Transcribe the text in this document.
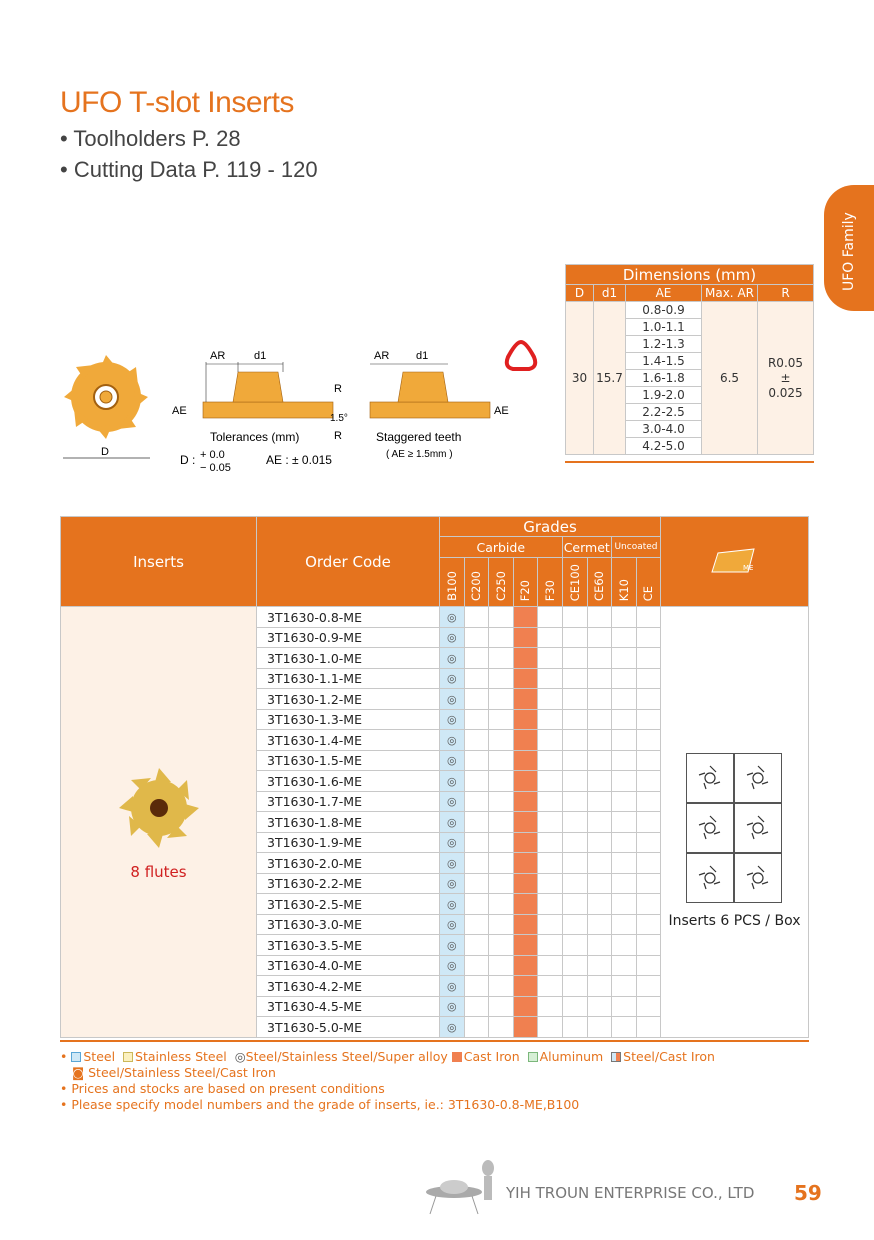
UFO T-slot Inserts
• Toolholders P. 28
• Cutting Data P. 119 - 120
UFO Family
D
AR	d1
AE
R
R
1.5°
Tolerances (mm)
D : + 0.0
− 0.05
AE : ± 0.015
AR d1
AE
Staggered teeth
( AE ≥ 1.5mm )
Dimensions (mm)				
D	d1	AE	Max. AR	R
30	15.7	0.8-0.9	6.5	R0.05
±
0.025
		1.0-1.1		
		1.2-1.3		
		1.4-1.5		
		1.6-1.8		
		1.9-2.0		
		2.2-2.5		
		3.0-4.0		
		4.2-5.0		
Inserts	Order Code	Grades									ME

		Carbide					Cermet		Uncoated		
		B100	C200	C250	F20	F30	CE100	CE60	K10	CE	

8 flutes	3T1630-0.8-ME	◎									Inserts 6 PCS / Box

	3T1630-0.9-ME	◎									
	3T1630-1.0-ME	◎									
	3T1630-1.1-ME	◎									
	3T1630-1.2-ME	◎									
	3T1630-1.3-ME	◎									
	3T1630-1.4-ME	◎									
	3T1630-1.5-ME	◎									
	3T1630-1.6-ME	◎									
	3T1630-1.7-ME	◎									
	3T1630-1.8-ME	◎									
	3T1630-1.9-ME	◎									
	3T1630-2.0-ME	◎									
	3T1630-2.2-ME	◎									
	3T1630-2.5-ME	◎									
	3T1630-3.0-ME	◎									
	3T1630-3.5-ME	◎									
	3T1630-4.0-ME	◎									
	3T1630-4.2-ME	◎									
	3T1630-4.5-ME	◎									
	3T1630-5.0-ME	◎									
• Steel Stainless Steel ◎Steel/Stainless Steel/Super alloy Cast Iron Aluminum Steel/Cast Iron
◙ Steel/Stainless Steel/Cast Iron
• Prices and stocks are based on present conditions
• Please specify model numbers and the grade of inserts, ie.: 3T1630-0.8-ME,B100
YIH TROUN ENTERPRISE CO., LTD 59
